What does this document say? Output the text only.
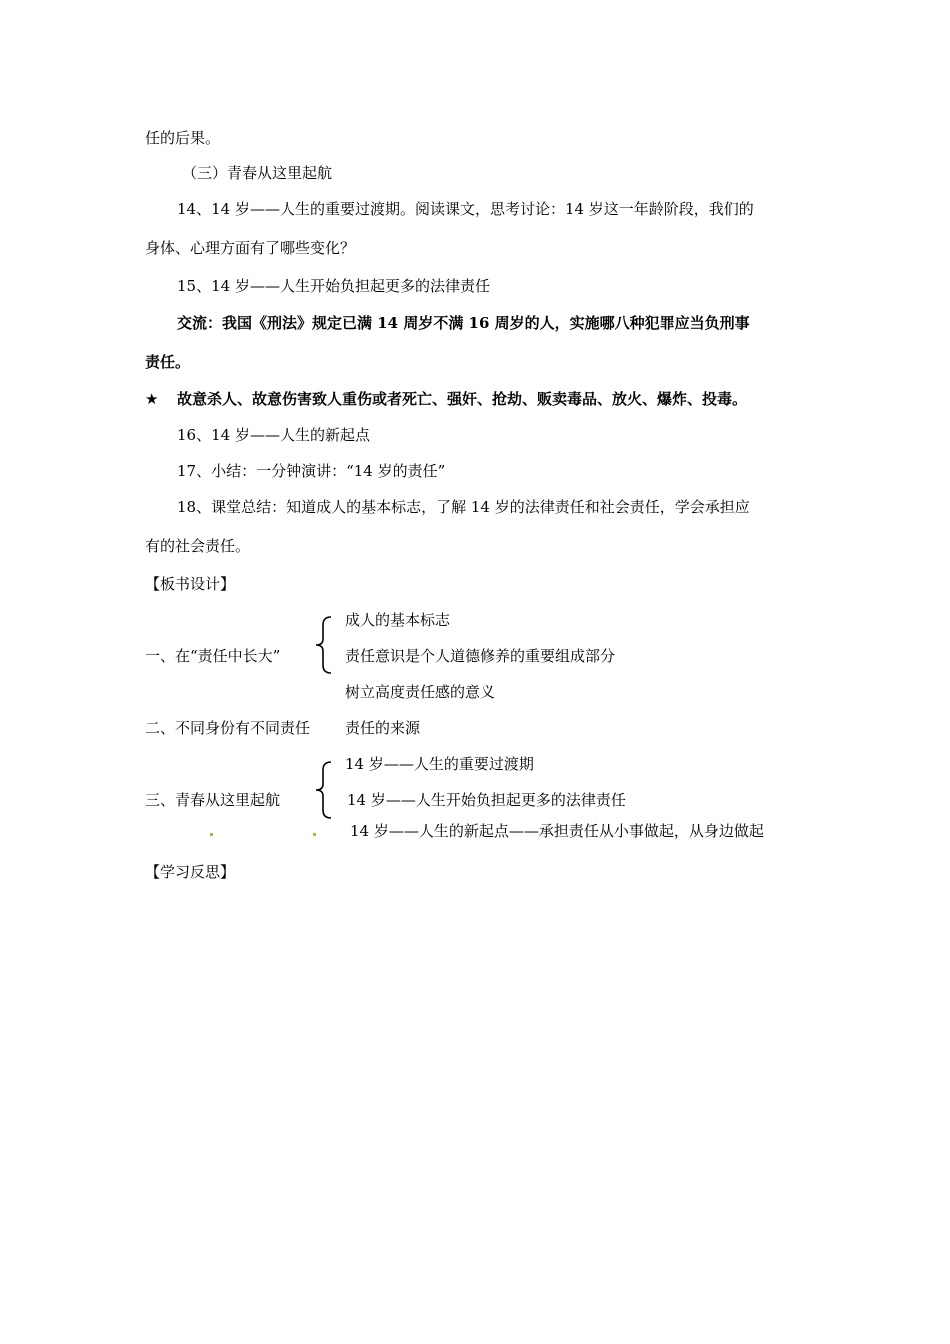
任的后果。
（三）青春从这里起航
14、14 岁——人生的重要过渡期。阅读课文，思考讨论：14 岁这一年龄阶段，我们的
身体、心理方面有了哪些变化？
15、14 岁——人生开始负担起更多的法律责任
交流：我国《刑法》规定已满 14 周岁不满 16 周岁的人，实施哪八种犯罪应当负刑事
责任。
★ 故意杀人、故意伤害致人重伤或者死亡、强奸、抢劫、贩卖毒品、放火、爆炸、投毒。
16、14 岁——人生的新起点
17、小结：一分钟演讲：“14 岁的责任”
18、课堂总结：知道成人的基本标志，了解 14 岁的法律责任和社会责任，学会承担应
有的社会责任。
【板书设计】
一、在“责任中长大”
成人的基本标志
责任意识是个人道德修养的重要组成部分
树立高度责任感的意义
二、不同身份有不同责任 责任的来源
三、青春从这里起航
14 岁——人生的重要过渡期
14 岁——人生开始负担起更多的法律责任
14 岁——人生的新起点——承担责任从小事做起，从身边做起
【学习反思】
